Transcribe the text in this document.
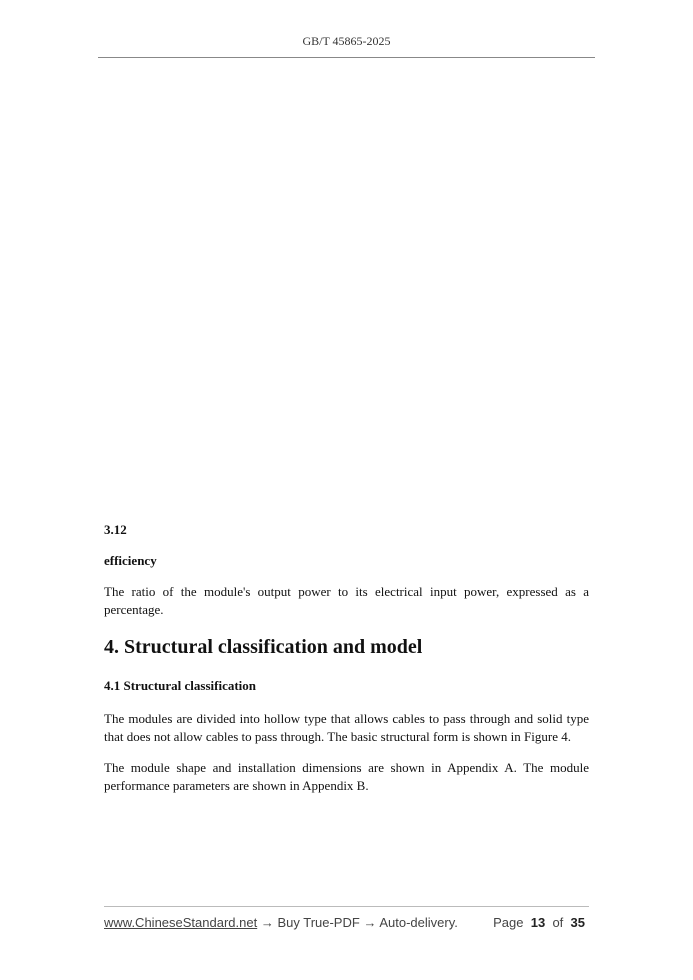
GB/T 45865-2025

3.12

efficiency

The ratio of the module's output power to its electrical input power, expressed as a percentage.

4. Structural classification and model
4.1 Structural classification

The modules are divided into hollow type that allows cables to pass through and solid type that does not allow cables to pass through. The basic structural form is shown in Figure 4.

The module shape and installation dimensions are shown in Appendix A. The module performance parameters are shown in Appendix B.

www.ChineseStandard.net → Buy True-PDF → Auto-delivery.	Page 13 of 35
